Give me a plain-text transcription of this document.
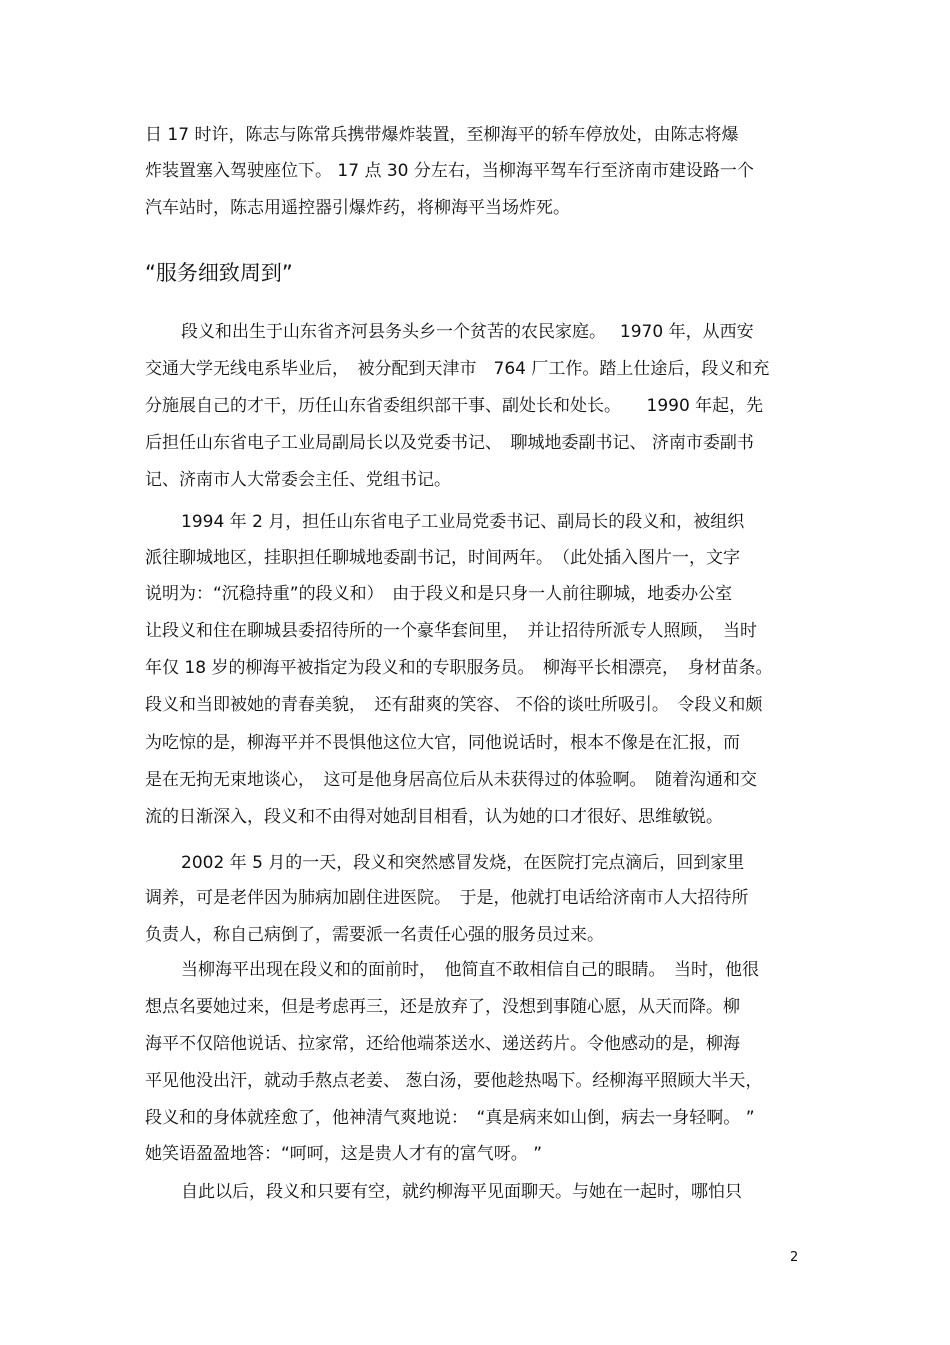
日 17 时许，陈志与陈常兵携带爆炸装置，至柳海平的轿车停放处，由陈志将爆
炸装置塞入驾驶座位下。 17 点 30 分左右，当柳海平驾车行至济南市建设路一个
汽车站时，陈志用遥控器引爆炸药，将柳海平当场炸死。
“服务细致周到”
段义和出生于山东省齐河县务头乡一个贫苦的农民家庭。　 1970 年，从西安
交通大学无线电系毕业后，　被分配到天津市　764 厂工作。踏上仕途后，段义和充
分施展自己的才干，历任山东省委组织部干事、副处长和处长。　　1990 年起，先
后担任山东省电子工业局副局长以及党委书记、　聊城地委副书记、 济南市委副书
记、济南市人大常委会主任、党组书记。
1994 年 2 月，担任山东省电子工业局党委书记、副局长的段义和，被组织
派往聊城地区，挂职担任聊城地委副书记，时间两年。　（此处插入图片一，文字
说明为：“沉稳持重”的段义和）　由于段义和是只身一人前往聊城，地委办公室
让段义和住在聊城县委招待所的一个豪华套间里，　并让招待所派专人照顾，　当时
年仅 18 岁的柳海平被指定为段义和的专职服务员。　柳海平长相漂亮，　身材苗条。
段义和当即被她的青春美貌，　还有甜爽的笑容、 不俗的谈吐所吸引。　令段义和颇
为吃惊的是，柳海平并不畏惧他这位大官，同他说话时，根本不像是在汇报，而
是在无拘无束地谈心，　这可是他身居高位后从未获得过的体验啊。　随着沟通和交
流的日渐深入，段义和不由得对她刮目相看，认为她的口才很好、思维敏锐。
2002 年 5 月的一天，段义和突然感冒发烧，在医院打完点滴后，回到家里
调养，可是老伴因为肺病加剧住进医院。　于是，他就打电话给济南市人大招待所
负责人，称自己病倒了，需要派一名责任心强的服务员过来。
当柳海平出现在段义和的面前时，　他简直不敢相信自己的眼睛。　当时，他很
想点名要她过来，但是考虑再三，还是放弃了，没想到事随心愿，从天而降。柳
海平不仅陪他说话、拉家常，还给他端茶送水、递送药片。令他感动的是，柳海
平见他没出汗，就动手熬点老姜、 葱白汤，要他趁热喝下。经柳海平照顾大半天，
段义和的身体就痊愈了，他神清气爽地说：　“真是病来如山倒，病去一身轻啊。 ”
她笑语盈盈地答：“呵呵，这是贵人才有的富气呀。 ”
自此以后，段义和只要有空，就约柳海平见面聊天。与她在一起时，哪怕只
2
